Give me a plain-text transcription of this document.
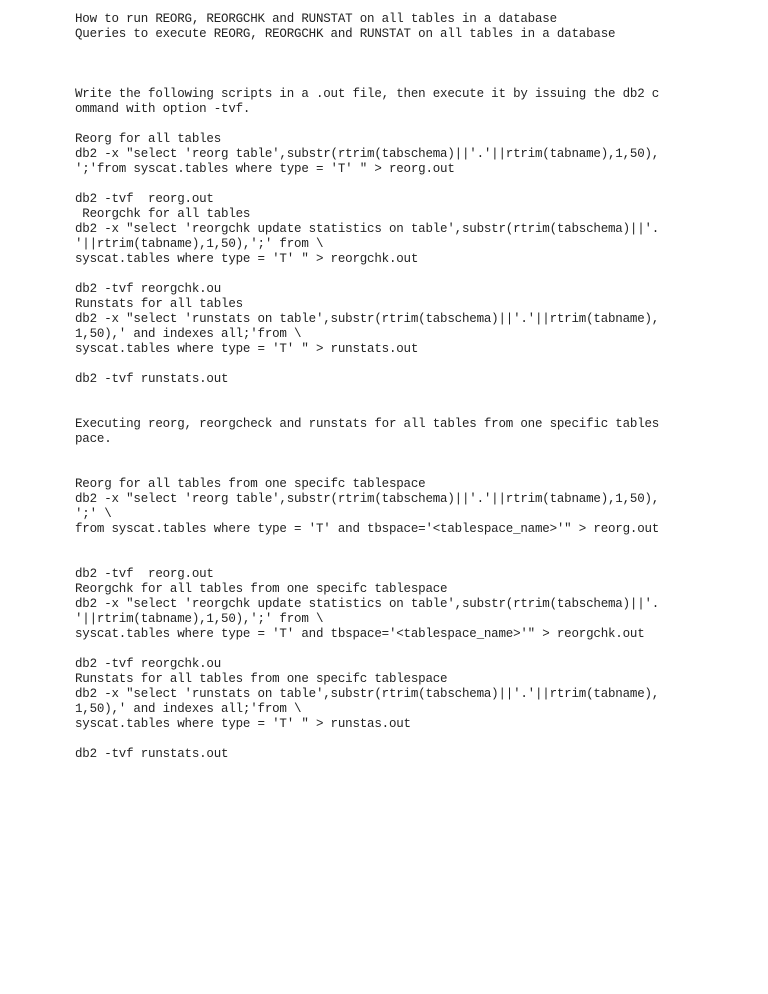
How to run REORG, REORGCHK and RUNSTAT on all tables in a database
Queries to execute REORG, REORGCHK and RUNSTAT on all tables in a database
Write the following scripts in a .out file, then execute it by issuing the db2 c
ommand with option -tvf.
Reorg for all tables
db2 -x "select 'reorg table',substr(rtrim(tabschema)||'.'||rtrim(tabname),1,50),
';'from syscat.tables where type = 'T' " > reorg.out
db2 -tvf  reorg.out
Reorgchk for all tables
db2 -x "select 'reorgchk update statistics on table',substr(rtrim(tabschema)||'.
'||rtrim(tabname),1,50),';' from \
syscat.tables where type = 'T' " > reorgchk.out
db2 -tvf reorgchk.ou
Runstats for all tables
db2 -x "select 'runstats on table',substr(rtrim(tabschema)||'.'||rtrim(tabname),
1,50),' and indexes all;'from \
syscat.tables where type = 'T' " > runstats.out
db2 -tvf runstats.out
Executing reorg, reorgcheck and runstats for all tables from one specific tables
pace.
Reorg for all tables from one specifc tablespace
db2 -x "select 'reorg table',substr(rtrim(tabschema)||'.'||rtrim(tabname),1,50),
';' \
from syscat.tables where type = 'T' and tbspace='<tablespace_name>'" > reorg.out
db2 -tvf  reorg.out
Reorgchk for all tables from one specifc tablespace
db2 -x "select 'reorgchk update statistics on table',substr(rtrim(tabschema)||'.
'||rtrim(tabname),1,50),';' from \
syscat.tables where type = 'T' and tbspace='<tablespace_name>'" > reorgchk.out
db2 -tvf reorgchk.ou
Runstats for all tables from one specifc tablespace
db2 -x "select 'runstats on table',substr(rtrim(tabschema)||'.'||rtrim(tabname),
1,50),' and indexes all;'from \
syscat.tables where type = 'T' " > runstas.out
db2 -tvf runstats.out
